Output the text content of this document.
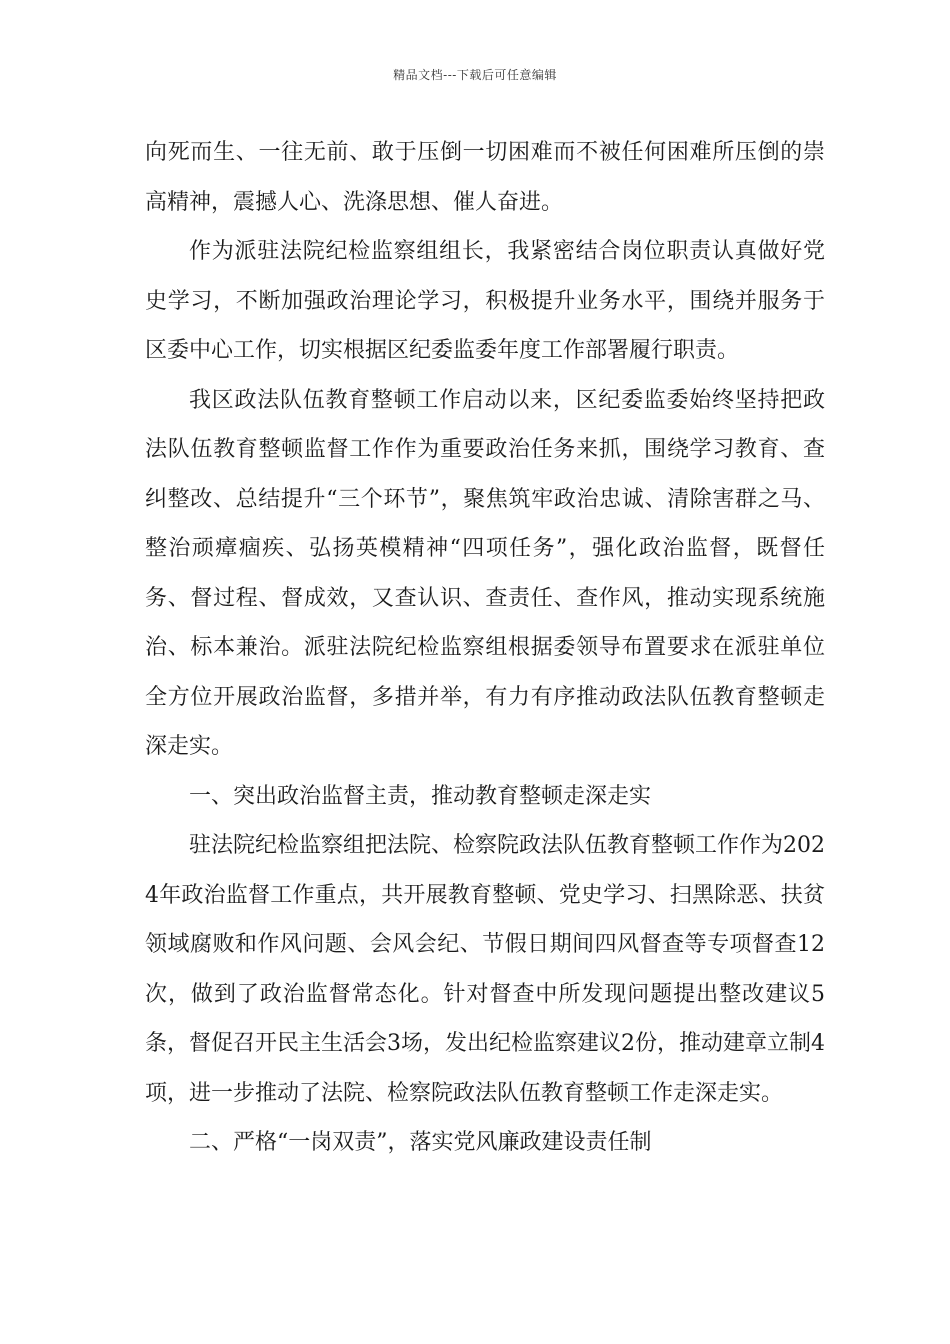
精品文档---下载后可任意编辑

向死而生、一往无前、敢于压倒一切困难而不被任何困难所压倒的崇高精神，震撼人心、洗涤思想、催人奋进。

作为派驻法院纪检监察组组长，我紧密结合岗位职责认真做好党史学习，不断加强政治理论学习，积极提升业务水平，围绕并服务于区委中心工作，切实根据区纪委监委年度工作部署履行职责。

我区政法队伍教育整顿工作启动以来，区纪委监委始终坚持把政法队伍教育整顿监督工作作为重要政治任务来抓，围绕学习教育、查纠整改、总结提升“三个环节”，聚焦筑牢政治忠诚、清除害群之马、整治顽瘴痼疾、弘扬英模精神“四项任务”，强化政治监督，既督任务、督过程、督成效，又查认识、查责任、查作风，推动实现系统施治、标本兼治。派驻法院纪检监察组根据委领导布置要求在派驻单位全方位开展政治监督，多措并举，有力有序推动政法队伍教育整顿走深走实。

一、突出政治监督主责，推动教育整顿走深走实

驻法院纪检监察组把法院、检察院政法队伍教育整顿工作作为2024年政治监督工作重点，共开展教育整顿、党史学习、扫黑除恶、扶贫领域腐败和作风问题、会风会纪、节假日期间四风督查等专项督查12次，做到了政治监督常态化。针对督查中所发现问题提出整改建议5条，督促召开民主生活会3场，发出纪检监察建议2份，推动建章立制4项，进一步推动了法院、检察院政法队伍教育整顿工作走深走实。

二、严格“一岗双责”，落实党风廉政建设责任制
